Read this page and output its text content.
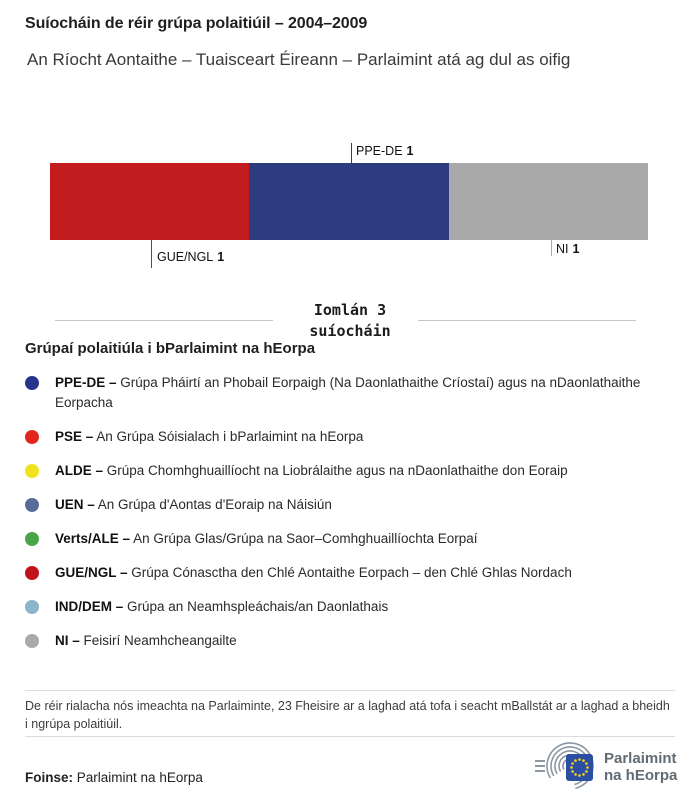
Suíocháin de réir grúpa polaitiúil – 2004–2009
An Ríocht Aontaithe – Tuaisceart Éireann – Parlaimint atá ag dul as oifig
PPE-DE 1
GUE/NGL 1
NI 1
Iomlán 3
suíocháin
Grúpaí polaitiúla i bParlaimint na hEorpa
PPE-DE – Grúpa Pháirtí an Phobail Eorpaigh (Na Daonlathaithe Críostaí) agus na nDaonlathaithe Eorpacha
PSE – An Grúpa Sóisialach i bParlaimint na hEorpa
ALDE – Grúpa Chomhghuaillíocht na Liobrálaithe agus na nDaonlathaithe don Eoraip
UEN – An Grúpa d'Aontas d'Eoraip na Náisiún
Verts/ALE – An Grúpa Glas/Grúpa na Saor–Comhghuaillíochta Eorpaí
GUE/NGL – Grúpa Cónasctha den Chlé Aontaithe Eorpach – den Chlé Ghlas Nordach
IND/DEM – Grúpa an Neamhspleáchais/an Daonlathais
NI – Feisirí Neamhcheangailte
De réir rialacha nós imeachta na Parlaiminte, 23 Fheisire ar a laghad atá tofa i seacht mBallstát ar a laghad a bheidh i ngrúpa polaitiúil.
Foinse: Parlaimint na hEorpa
Parlaimint
na hEorpa
